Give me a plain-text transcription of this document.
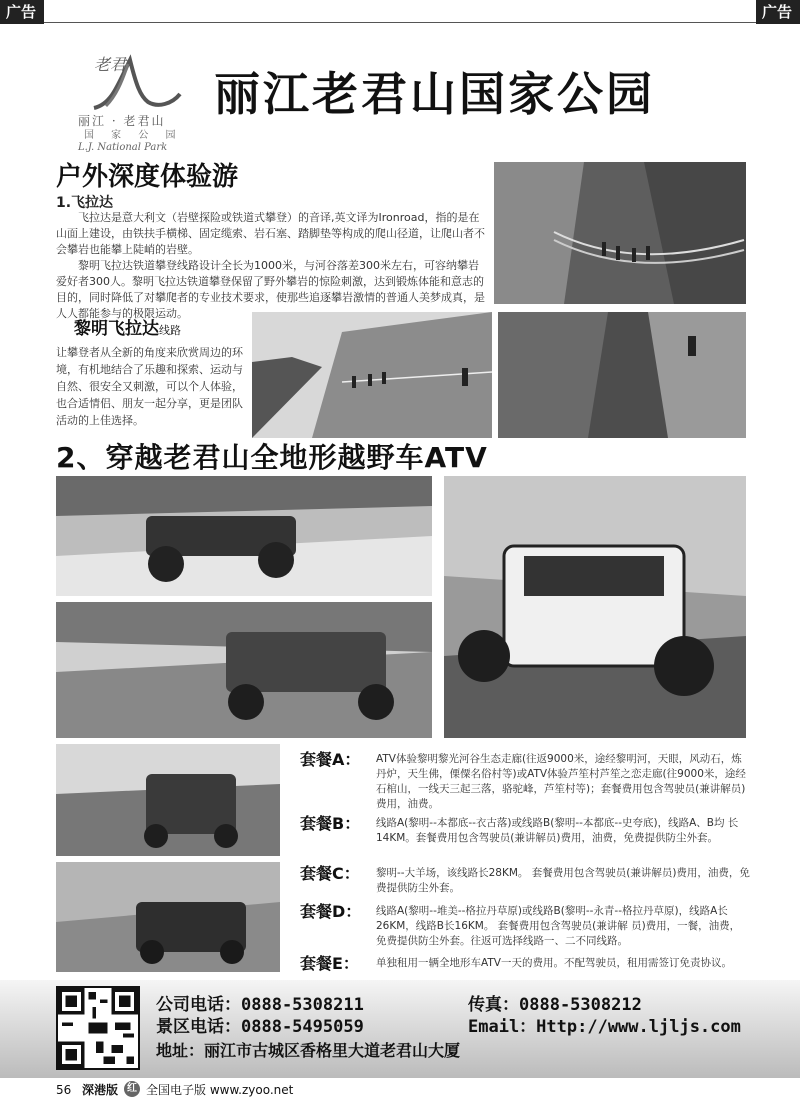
广告	广告
老君
丽江 · 老君山
国 家 公 园
L.J. National Park
丽江老君山国家公园
户外深度体验游
1.飞拉达
飞拉达是意大利文（岩壁探险或铁道式攀登）的音译,英文译为Ironroad，指的是在山面上建设，由铁扶手横梯、固定缆索、岩石塞、踏脚垫等构成的爬山径道，让爬山者不会攀岩也能攀上陡峭的岩壁。
黎明飞拉达铁道攀登线路设计全长为1000米，与河谷落差300米左右，可容纳攀岩爱好者300人。黎明飞拉达铁道攀登保留了野外攀岩的惊险刺激，达到锻炼体能和意志的目的，同时降低了对攀爬者的专业技术要求，使那些追逐攀岩激情的普通人美梦成真，是人人都能参与的极限运动。
黎明飞拉达线路
让攀登者从全新的角度来欣赏周边的环境，有机地结合了乐趣和探索、运动与自然、很安全又刺激，可以个人体验，也合适情侣、朋友一起分享，更是团队活动的上佳选择。
2、穿越老君山全地形越野车ATV
套餐A： ATV体验黎明黎光河谷生态走廊(往返9000米，途经黎明河，天眼，风动石，炼丹炉，天生佛，傈僳名俗村等)或ATV体验芦笙村芦笙之恋走廊(往9000米，途经石棺山，一线天三起三落，骆驼峰，芦笙村等)；套餐费用包含驾驶员(兼讲解员)费用，油费。
套餐B： 线路A(黎明--本都底--衣古落)或线路B(黎明--本都底--史夸底)，线路A、B均 长14KM。套餐费用包含驾驶员(兼讲解员)费用，油费，免费提供防尘外套。
套餐C： 黎明--大羊场，该线路长28KM。 套餐费用包含驾驶员(兼讲解员)费用，油费，免费提供防尘外套。
套餐D： 线路A(黎明--堆美--格拉丹草原)或线路B(黎明--永青--格拉丹草原)，线路A长26KM，线路B长16KM。 套餐费用包含驾驶员(兼讲解 员)费用，一餐，油费，免费提供防尘外套。往返可选择线路一、二不同线路。
套餐E： 单独租用一辆全地形车ATV一天的费用。不配驾驶员，租用需签订免责协议。
公司电话：0888-5308211	传真：0888-5308212
景区电话：0888-5495059	Email：Http://www.ljljs.com
地址：丽江市古城区香格里大道老君山大厦
56 深港版 红 全国电子版 www.zyoo.net
